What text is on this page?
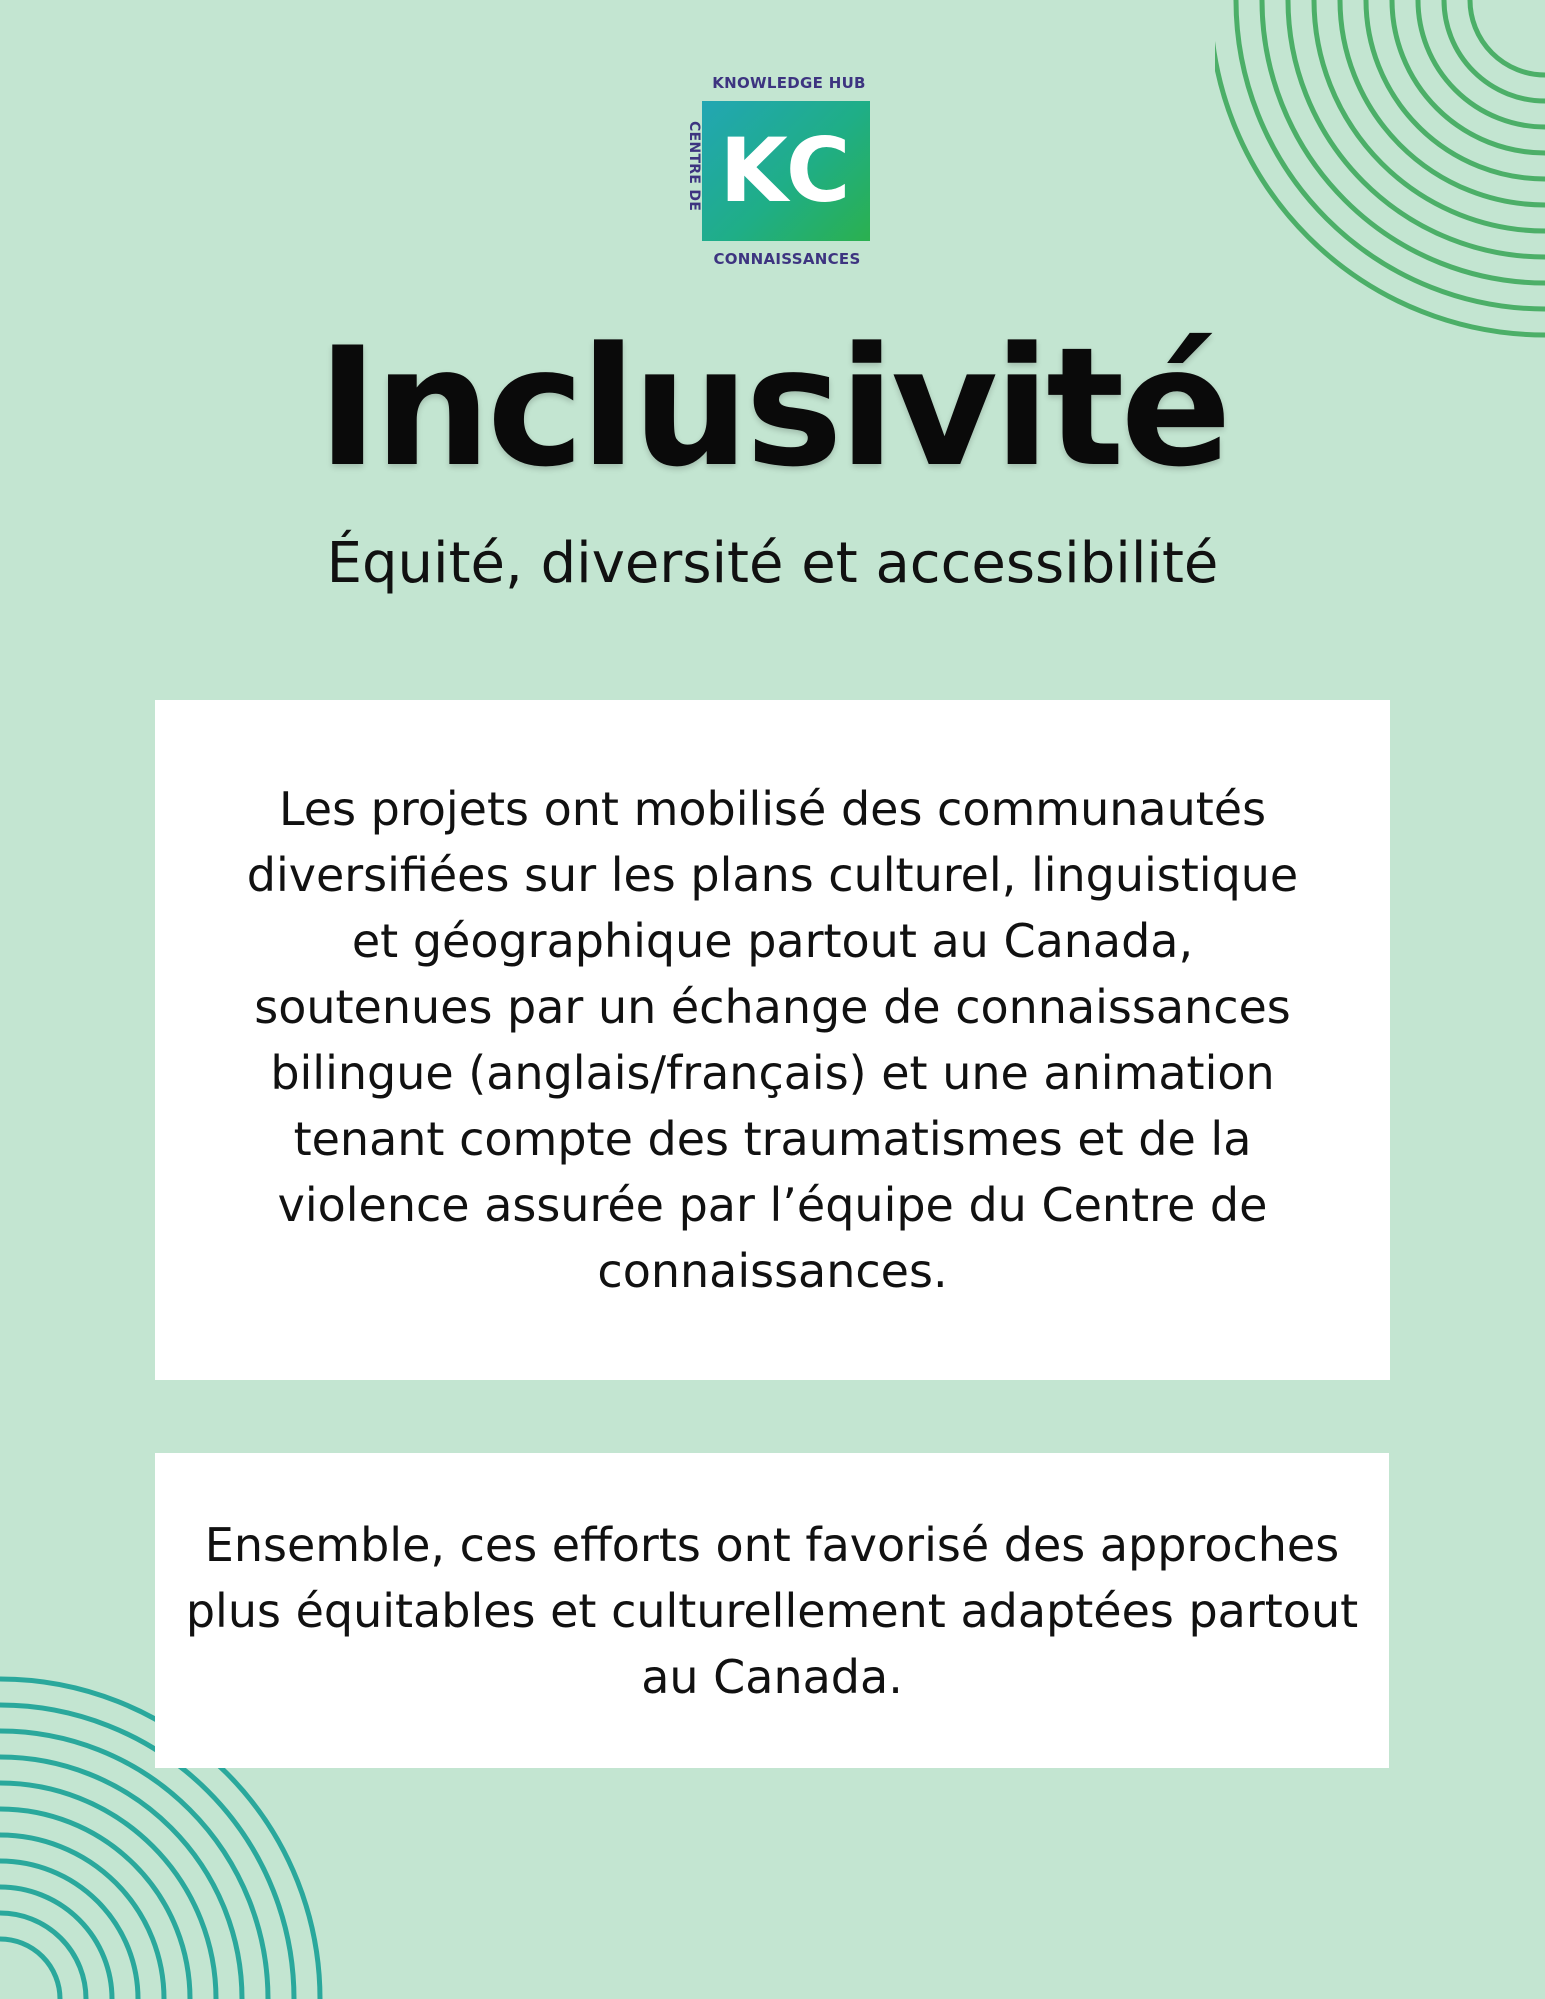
KNOWLEDGE HUB
CENTRE DE KC
CONNAISSANCES
Inclusivité
Équité, diversité et accessibilité

Les projets ont mobilisé des communautés diversifiées sur les plans culturel, linguistique et géographique partout au Canada, soutenues par un échange de connaissances bilingue (anglais/français) et une animation tenant compte des traumatismes et de la violence assurée par l’équipe du Centre de connaissances.

Ensemble, ces efforts ont favorisé des approches plus équitables et culturellement adaptées partout au Canada.
